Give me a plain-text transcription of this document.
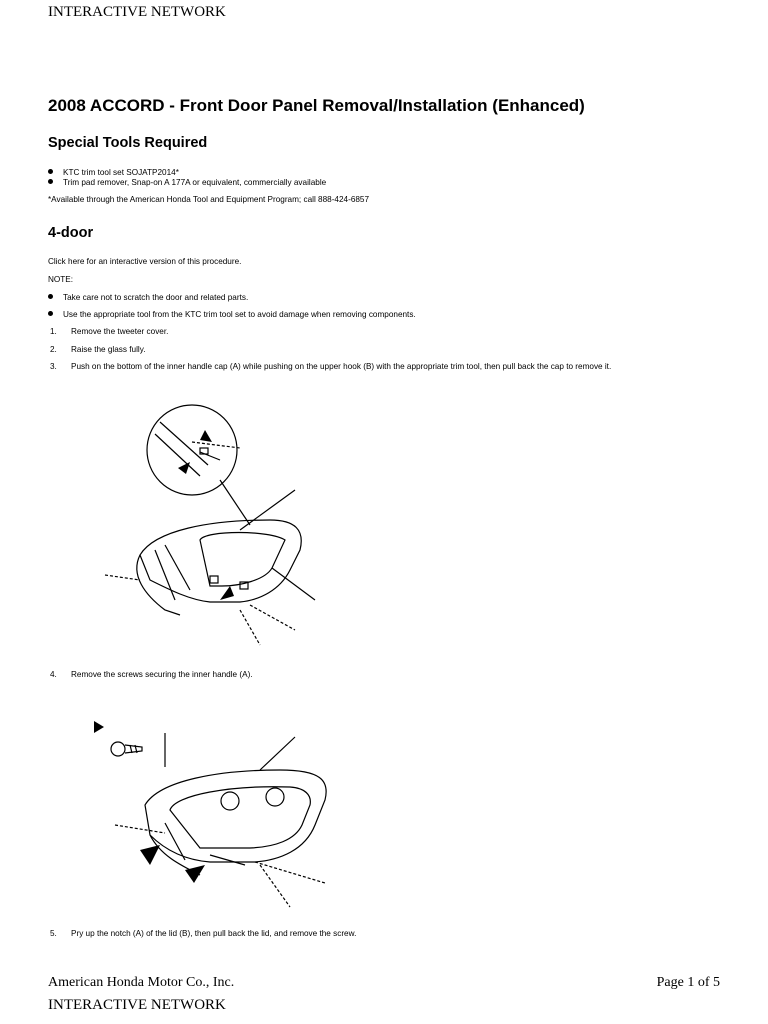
INTERACTIVE NETWORK
2008 ACCORD - Front Door Panel Removal/Installation (Enhanced)
Special Tools Required
KTC trim tool set SOJATP2014*
Trim pad remover, Snap-on A 177A or equivalent, commercially available
*Available through the American Honda Tool and Equipment Program; call 888-424-6857
4-door
Click here for an interactive version of this procedure.
NOTE:
Take care not to scratch the door and related parts.
Use the appropriate tool from the KTC trim tool set to avoid damage when removing components.
1. Remove the tweeter cover.
2. Raise the glass fully.
3. Push on the bottom of the inner handle cap (A) while pushing on the upper hook (B) with the appropriate trim tool, then pull back the cap to remove it.
4. Remove the screws securing the inner handle (A).
5. Pry up the notch (A) of the lid (B), then pull back the lid, and remove the screw.
American Honda Motor Co., Inc.	Page 1 of 5
INTERACTIVE NETWORK
